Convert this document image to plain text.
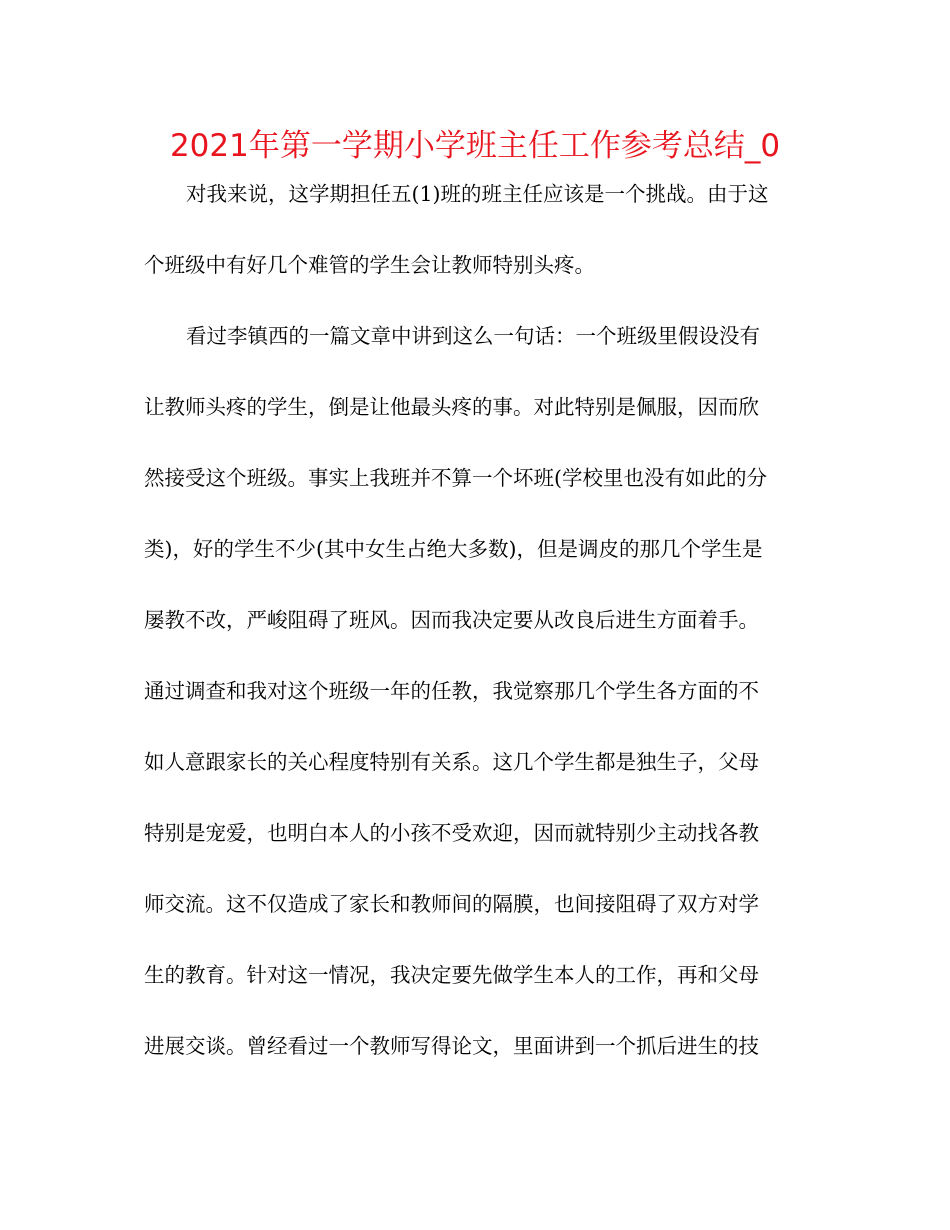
2021年第一学期小学班主任工作参考总结_0
对我来说，这学期担任五(1)班的班主任应该是一个挑战。由于这
个班级中有好几个难管的学生会让教师特别头疼。
看过李镇西的一篇文章中讲到这么一句话：一个班级里假设没有
让教师头疼的学生，倒是让他最头疼的事。对此特别是佩服，因而欣
然接受这个班级。事实上我班并不算一个坏班(学校里也没有如此的分
类)，好的学生不少(其中女生占绝大多数)，但是调皮的那几个学生是
屡教不改，严峻阻碍了班风。因而我决定要从改良后进生方面着手。
通过调查和我对这个班级一年的任教，我觉察那几个学生各方面的不
如人意跟家长的关心程度特别有关系。这几个学生都是独生子，父母
特别是宠爱，也明白本人的小孩不受欢迎，因而就特别少主动找各教
师交流。这不仅造成了家长和教师间的隔膜，也间接阻碍了双方对学
生的教育。针对这一情况，我决定要先做学生本人的工作，再和父母
进展交谈。曾经看过一个教师写得论文，里面讲到一个抓后进生的技
